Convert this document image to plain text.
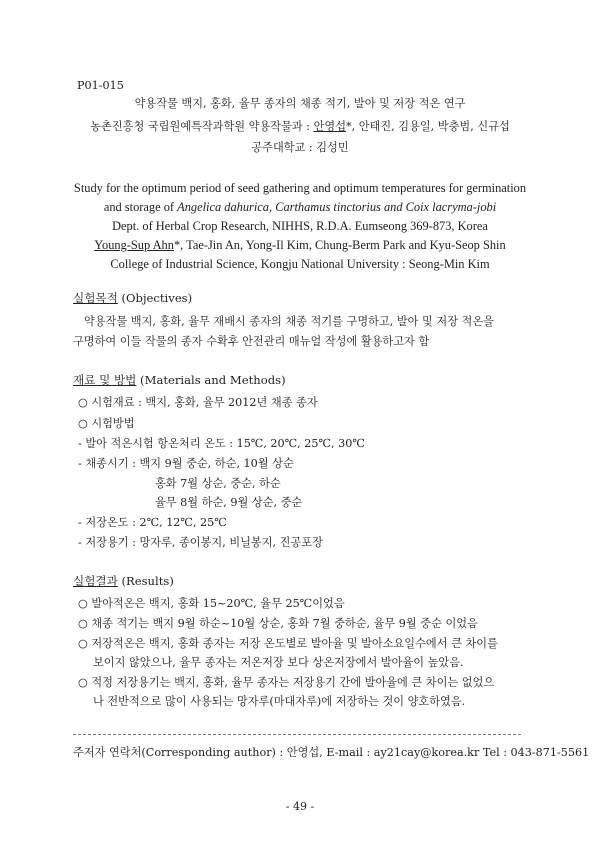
P01-015
약용작물 백지, 홍화, 율무 종자의 채종 적기, 발아 및 저장 적온 연구
농촌진흥청 국립원예특작과학원 약용작물과 : 안영섭*, 안태진, 김용일, 박충범, 신규섭
공주대학교 : 김성민
Study for the optimum period of seed gathering and optimum temperatures for germination
and storage of Angelica dahurica, Carthamus tinctorius and Coix lacryma-jobi
Dept. of Herbal Crop Research, NIHHS, R.D.A. Eumseong 369-873, Korea
Young-Sup Ahn*, Tae-Jin An, Yong-Il Kim, Chung-Berm Park and Kyu-Seop Shin
College of Industrial Science, Kongju National University : Seong-Min Kim
실험목적 (Objectives)
약용작물 백지, 홍화, 율무 재배시 종자의 채종 적기를 구명하고, 발아 및 저장 적온을
구명하여 이들 작물의 종자 수확후 안전관리 매뉴얼 작성에 활용하고자 함
재료 및 방법 (Materials and Methods)
○ 시험재료 : 백지, 홍화, 율무 2012년 채종 종자
○ 시험방법
- 발아 적온시험 항온처리 온도 : 15℃, 20℃, 25℃, 30℃
- 채종시기 : 백지 9월 중순, 하순, 10월 상순
홍화 7월 상순, 중순, 하순
율무 8월 하순, 9월 상순, 중순
- 저장온도 : 2℃, 12℃, 25℃
- 저장용기 : 망자루, 종이봉지, 비닐봉지, 진공포장
실험결과 (Results)
○ 발아적온은 백지, 홍화 15~20℃, 율무 25℃이었음
○ 채종 적기는 백지 9월 하순~10월 상순, 홍화 7월 중하순, 율무 9월 중순 이었음
○ 저장적온은 백지, 홍화 종자는 저장 온도별로 발아율 및 발아소요일수에서 큰 차이를
보이지 않았으나, 율무 종자는 저온저장 보다 상온저장에서 발아율이 높았음.
○ 적정 저장용기는 백지, 홍화, 율무 종자는 저장용기 간에 발아율에 큰 차이는 없었으
나 전반적으로 많이 사용되는 망자루(마대자루)에 저장하는 것이 양호하였음.
주저자 연락처(Corresponding author) : 안영섭, E-mail : ay21cay@korea.kr Tel : 043-871-5561
- 49 -
